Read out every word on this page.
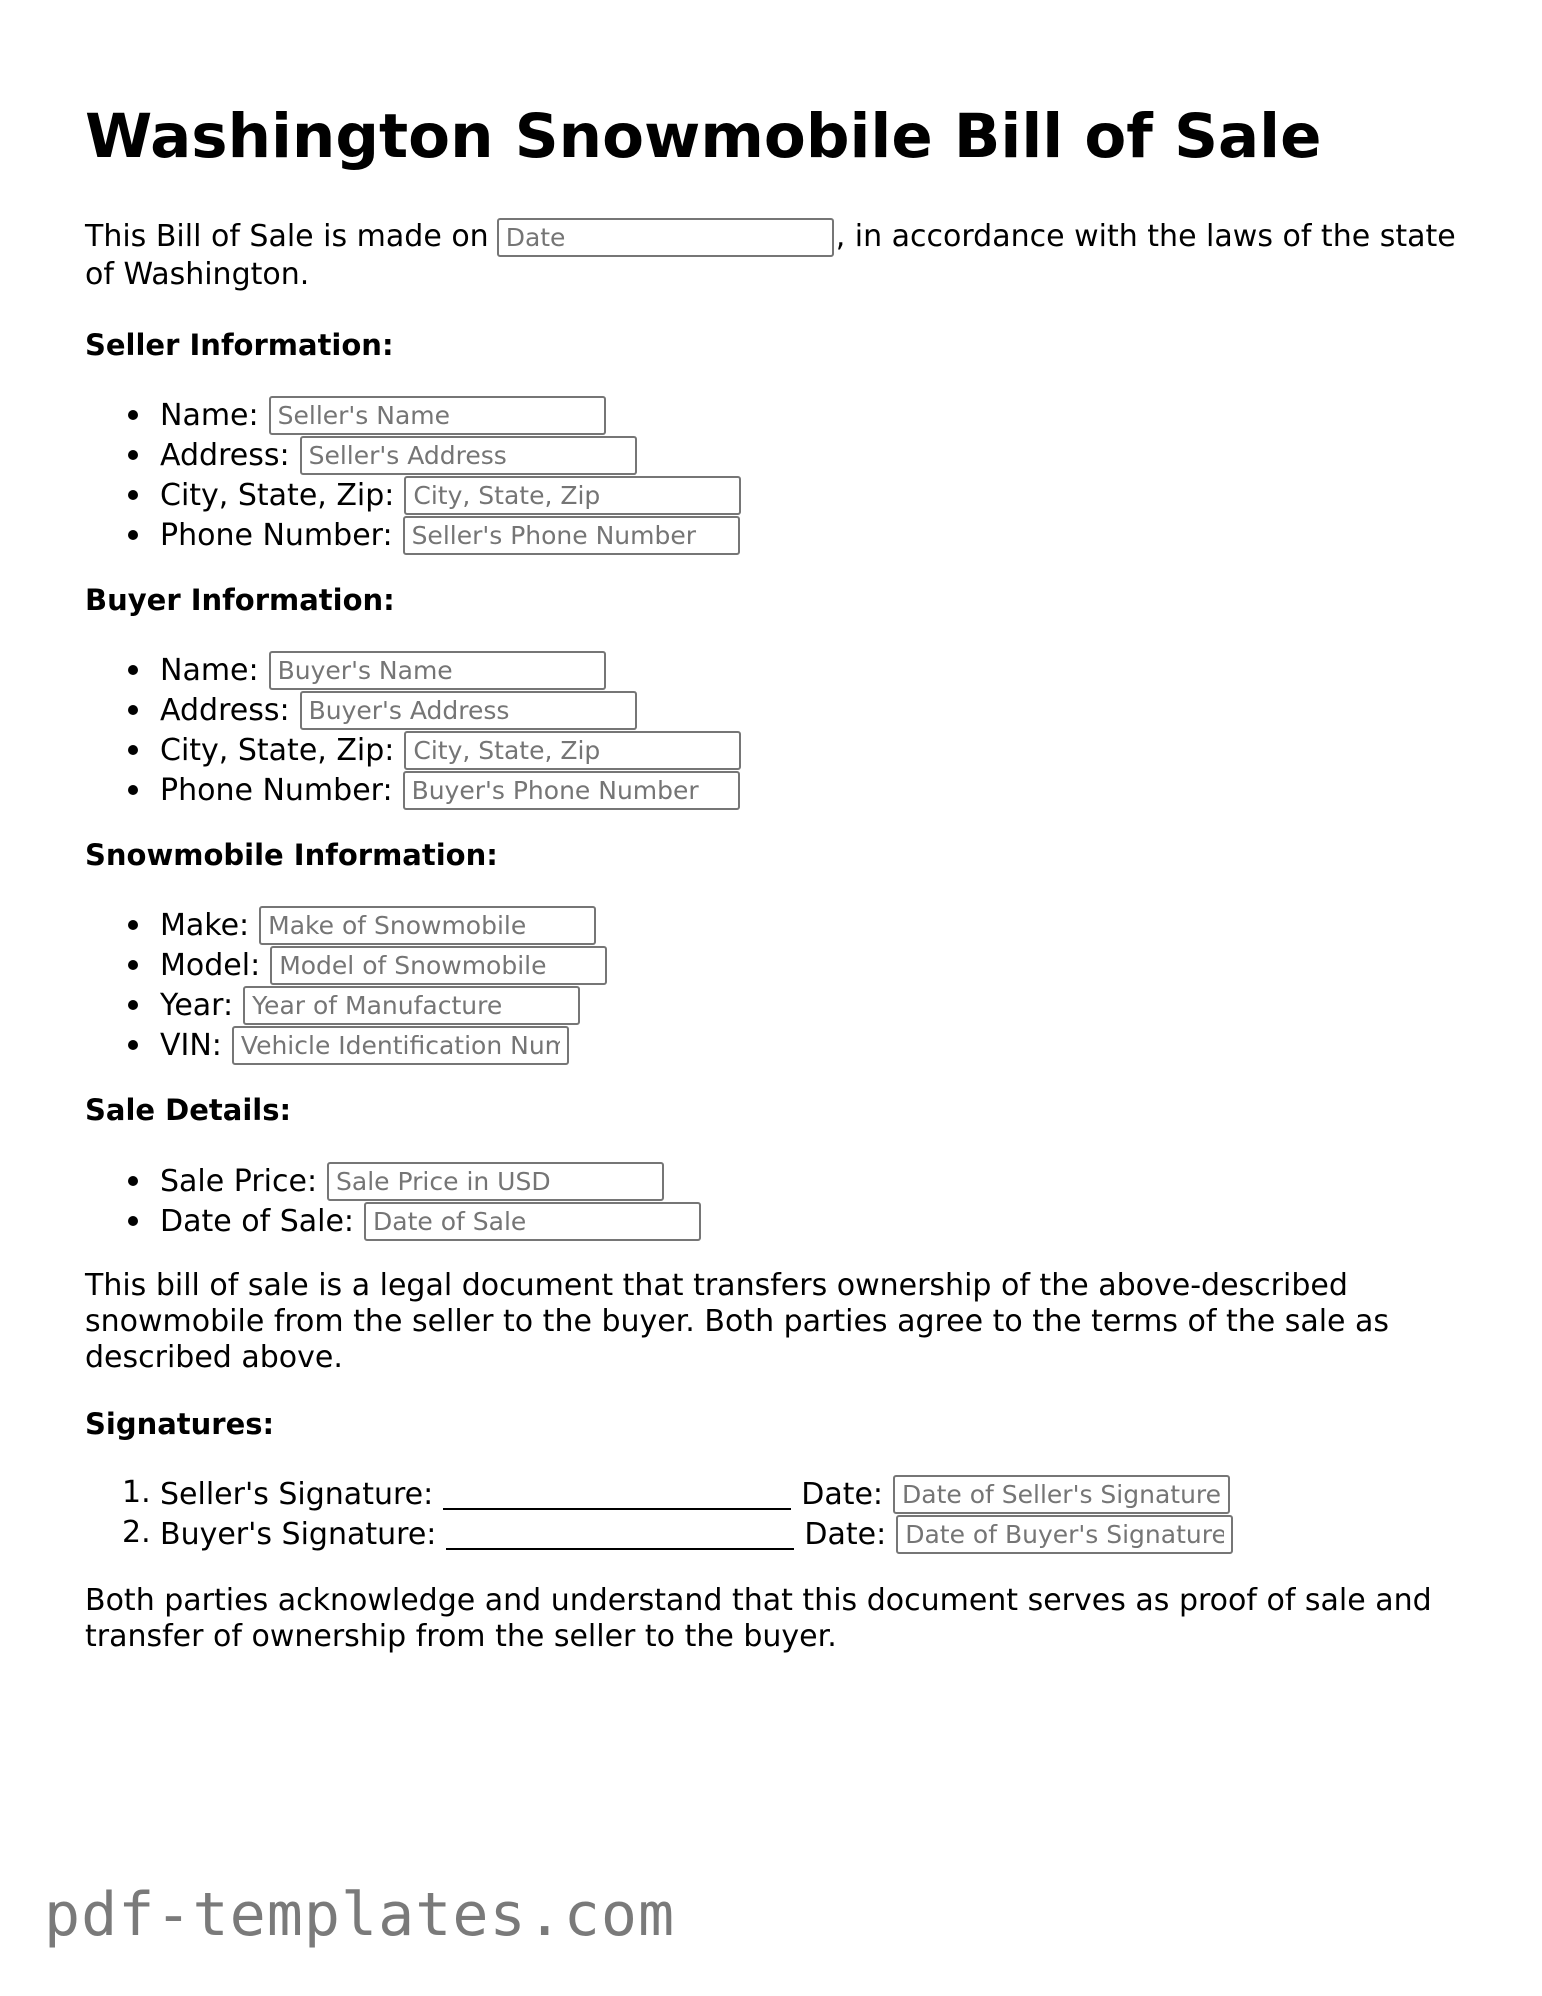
Washington Snowmobile Bill of Sale

This Bill of Sale is made onDate	, in accordance with the laws of the state of Washington.

Seller Information:
Name:
Seller's Name
Address:
Seller's Address
City, State, Zip:
City, State, Zip
Phone Number:
Seller's Phone Number
Buyer Information:
Name:
Buyer's Name
Address:
Buyer's Address
City, State, Zip:
City, State, Zip
Phone Number:
Buyer's Phone Number
Snowmobile Information:
Make:
Make of Snowmobile
Model:
Model of Snowmobile
Year:
Year of Manufacture
VIN:
Vehicle Identification Number
Sale Details:
Sale Price:
Sale Price in USD
Date of Sale:
Date of Sale

This bill of sale is a legal document that transfers ownership of the above-described snowmobile from the seller to the buyer. Both parties agree to the terms of the sale as described above.

Signatures:
1. Seller's Signature:	Date:
Date of Seller's Signature
2. Buyer's Signature:	Date:
Date of Buyer's Signature

Both parties acknowledge and understand that this document serves as proof of sale and transfer of ownership from the seller to the buyer.

pdf-templates.com
